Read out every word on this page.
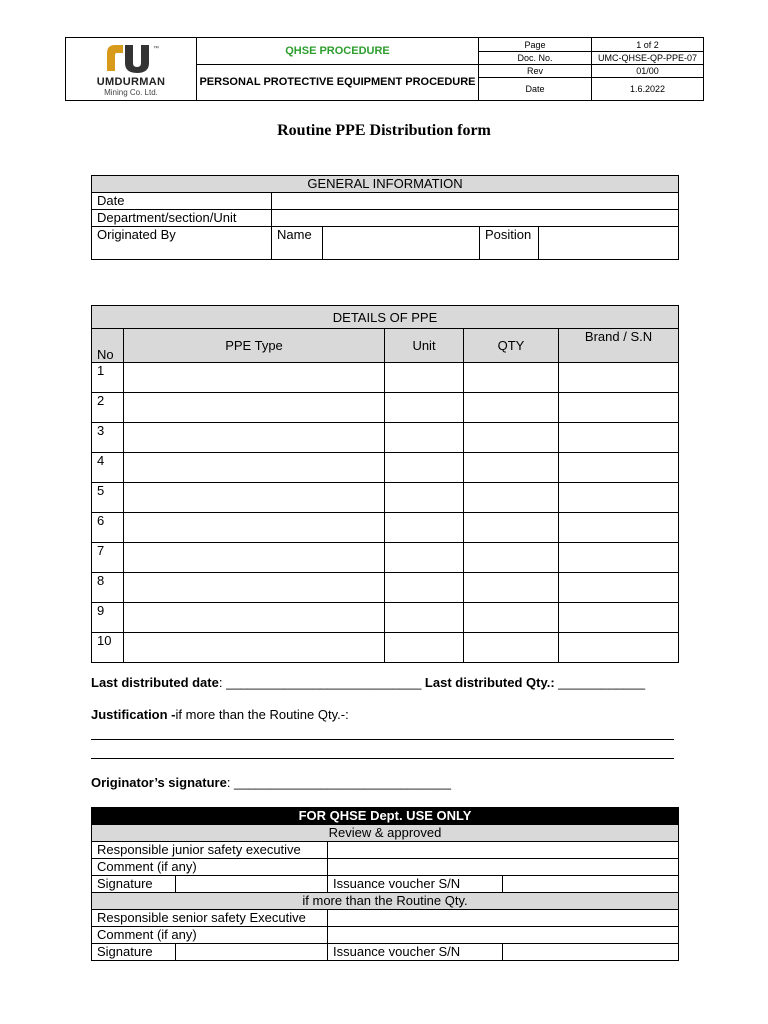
™
UMDURMAN
Mining Co. Ltd.	QHSE PROCEDURE	Page	1 of 2
		Doc. No.	UMC-QHSE-QP-PPE-07
	PERSONAL PROTECTIVE EQUIPMENT PROCEDURE	Rev	01/00
		Date	1.6.2022
Routine PPE Distribution form
GENERAL INFORMATION				
Date				
Department/section/Unit				
Originated By	Name		Position	
DETAILS OF PPE				
No	PPE Type	Unit	QTY	Brand / S.N
1				
2				
3				
4				
5				
6				
7				
8				
9				
10				
Last distributed date: ___________________________ Last distributed Qty.: ____________
Justification -if more than the Routine Qty.-:
Originator’s signature: ______________________________
FOR QHSE Dept. USE ONLY			
Review & approved			
Responsible junior safety executive			
Comment (if any)			
Signature		Issuance voucher S/N	
if more than the Routine Qty.			
Responsible senior safety Executive			
Comment (if any)			
Signature		Issuance voucher S/N	
